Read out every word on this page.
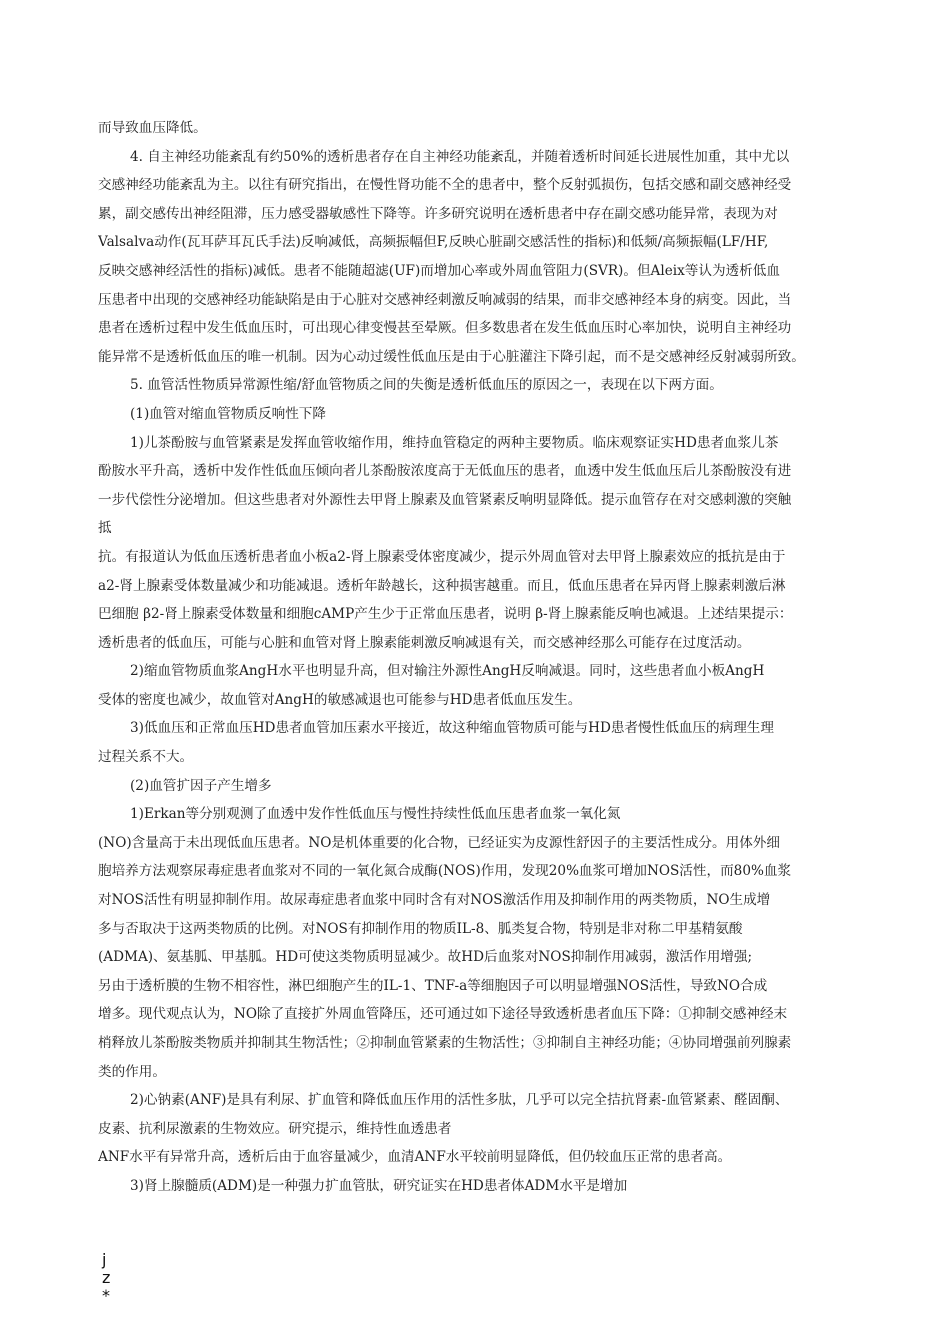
而导致血压降低。
4. 自主神经功能紊乱有约50%的透析患者存在自主神经功能紊乱，并随着透析时间延长进展性加重，其中尤以
交感神经功能紊乱为主。以往有研究指出，在慢性肾功能不全的患者中，整个反射弧损伤，包括交感和副交感神经受
累，副交感传出神经阻滞，压力感受器敏感性下降等。许多研究说明在透析患者中存在副交感功能异常，表现为对
Valsalva动作(瓦耳萨耳瓦氏手法)反响减低，高频振幅但F,反映心脏副交感活性的指标)和低频/高频振幅(LF/HF,
反映交感神经活性的指标)减低。患者不能随超滤(UF)而增加心率或外周血管阻力(SVR)。但Aleix等认为透析低血
压患者中出现的交感神经功能缺陷是由于心脏对交感神经刺激反响减弱的结果，而非交感神经本身的病变。因此，当
患者在透析过程中发生低血压时，可出现心律变慢甚至晕厥。但多数患者在发生低血压时心率加快，说明自主神经功
能异常不是透析低血压的唯一机制。因为心动过缓性低血压是由于心脏灌注下降引起，而不是交感神经反射减弱所致。
5. 血管活性物质异常源性缩/舒血管物质之间的失衡是透析低血压的原因之一，表现在以下两方面。
(1)血管对缩血管物质反响性下降
1)儿茶酚胺与血管紧素是发挥血管收缩作用，维持血管稳定的两种主要物质。临床观察证实HD患者血浆儿茶
酚胺水平升高，透析中发作性低血压倾向者儿茶酚胺浓度高于无低血压的患者，血透中发生低血压后儿茶酚胺没有进
一步代偿性分泌增加。但这些患者对外源性去甲肾上腺素及血管紧素反响明显降低。提示血管存在对交感刺激的突触
抵
抗。有报道认为低血压透析患者血小板a2-肾上腺素受体密度减少，提示外周血管对去甲肾上腺素效应的抵抗是由于
a2-肾上腺素受体数量减少和功能减退。透析年龄越长，这种损害越重。而且，低血压患者在异丙肾上腺素刺激后淋
巴细胞 β2-肾上腺素受体数量和细胞cAMP产生少于正常血压患者，说明 β-肾上腺素能反响也减退。上述结果提示：
透析患者的低血压，可能与心脏和血管对肾上腺素能刺激反响减退有关，而交感神经那么可能存在过度活动。
2)缩血管物质血浆AngH水平也明显升高，但对输注外源性AngH反响减退。同时，这些患者血小板AngH
受体的密度也减少，故血管对AngH的敏感减退也可能参与HD患者低血压发生。
3)低血压和正常血压HD患者血管加压素水平接近，故这种缩血管物质可能与HD患者慢性低血压的病理生理
过程关系不大。
(2)血管扩因子产生增多
1)Erkan等分别观测了血透中发作性低血压与慢性持续性低血压患者血浆一氧化氮
(NO)含量高于未出现低血压患者。NO是机体重要的化合物，已经证实为皮源性舒因子的主要活性成分。用体外细
胞培养方法观察尿毒症患者血浆对不同的一氧化氮合成酶(NOS)作用，发现20%血浆可增加NOS活性，而80%血浆
对NOS活性有明显抑制作用。故尿毒症患者血浆中同时含有对NOS激活作用及抑制作用的两类物质，NO生成增
多与否取决于这两类物质的比例。对NOS有抑制作用的物质IL-8、胍类复合物，特别是非对称二甲基精氨酸
(ADMA)、氨基胍、甲基胍。HD可使这类物质明显减少。故HD后血浆对NOS抑制作用减弱，激活作用增强;
另由于透析膜的生物不相容性，淋巴细胞产生的IL-1、TNF-a等细胞因子可以明显增强NOS活性，导致NO合成
增多。现代观点认为，NO除了直接扩外周血管降压，还可通过如下途径导致透析患者血压下降：①抑制交感神经末
梢释放儿茶酚胺类物质并抑制其生物活性；②抑制血管紧素的生物活性；③抑制自主神经功能；④协同增强前列腺素
类的作用。
2)心钠素(ANF)是具有利尿、扩血管和降低血压作用的活性多肽，几乎可以完全拮抗肾素-血管紧素、醛固酮、
皮素、抗利尿激素的生物效应。研究提示，维持性血透患者
ANF水平有异常升高，透析后由于血容量减少，血清ANF水平较前明显降低，但仍较血压正常的患者高。
3)肾上腺髓质(ADM)是一种强力扩血管肽，研究证实在HD患者体ADM水平是增加
j
z
*
